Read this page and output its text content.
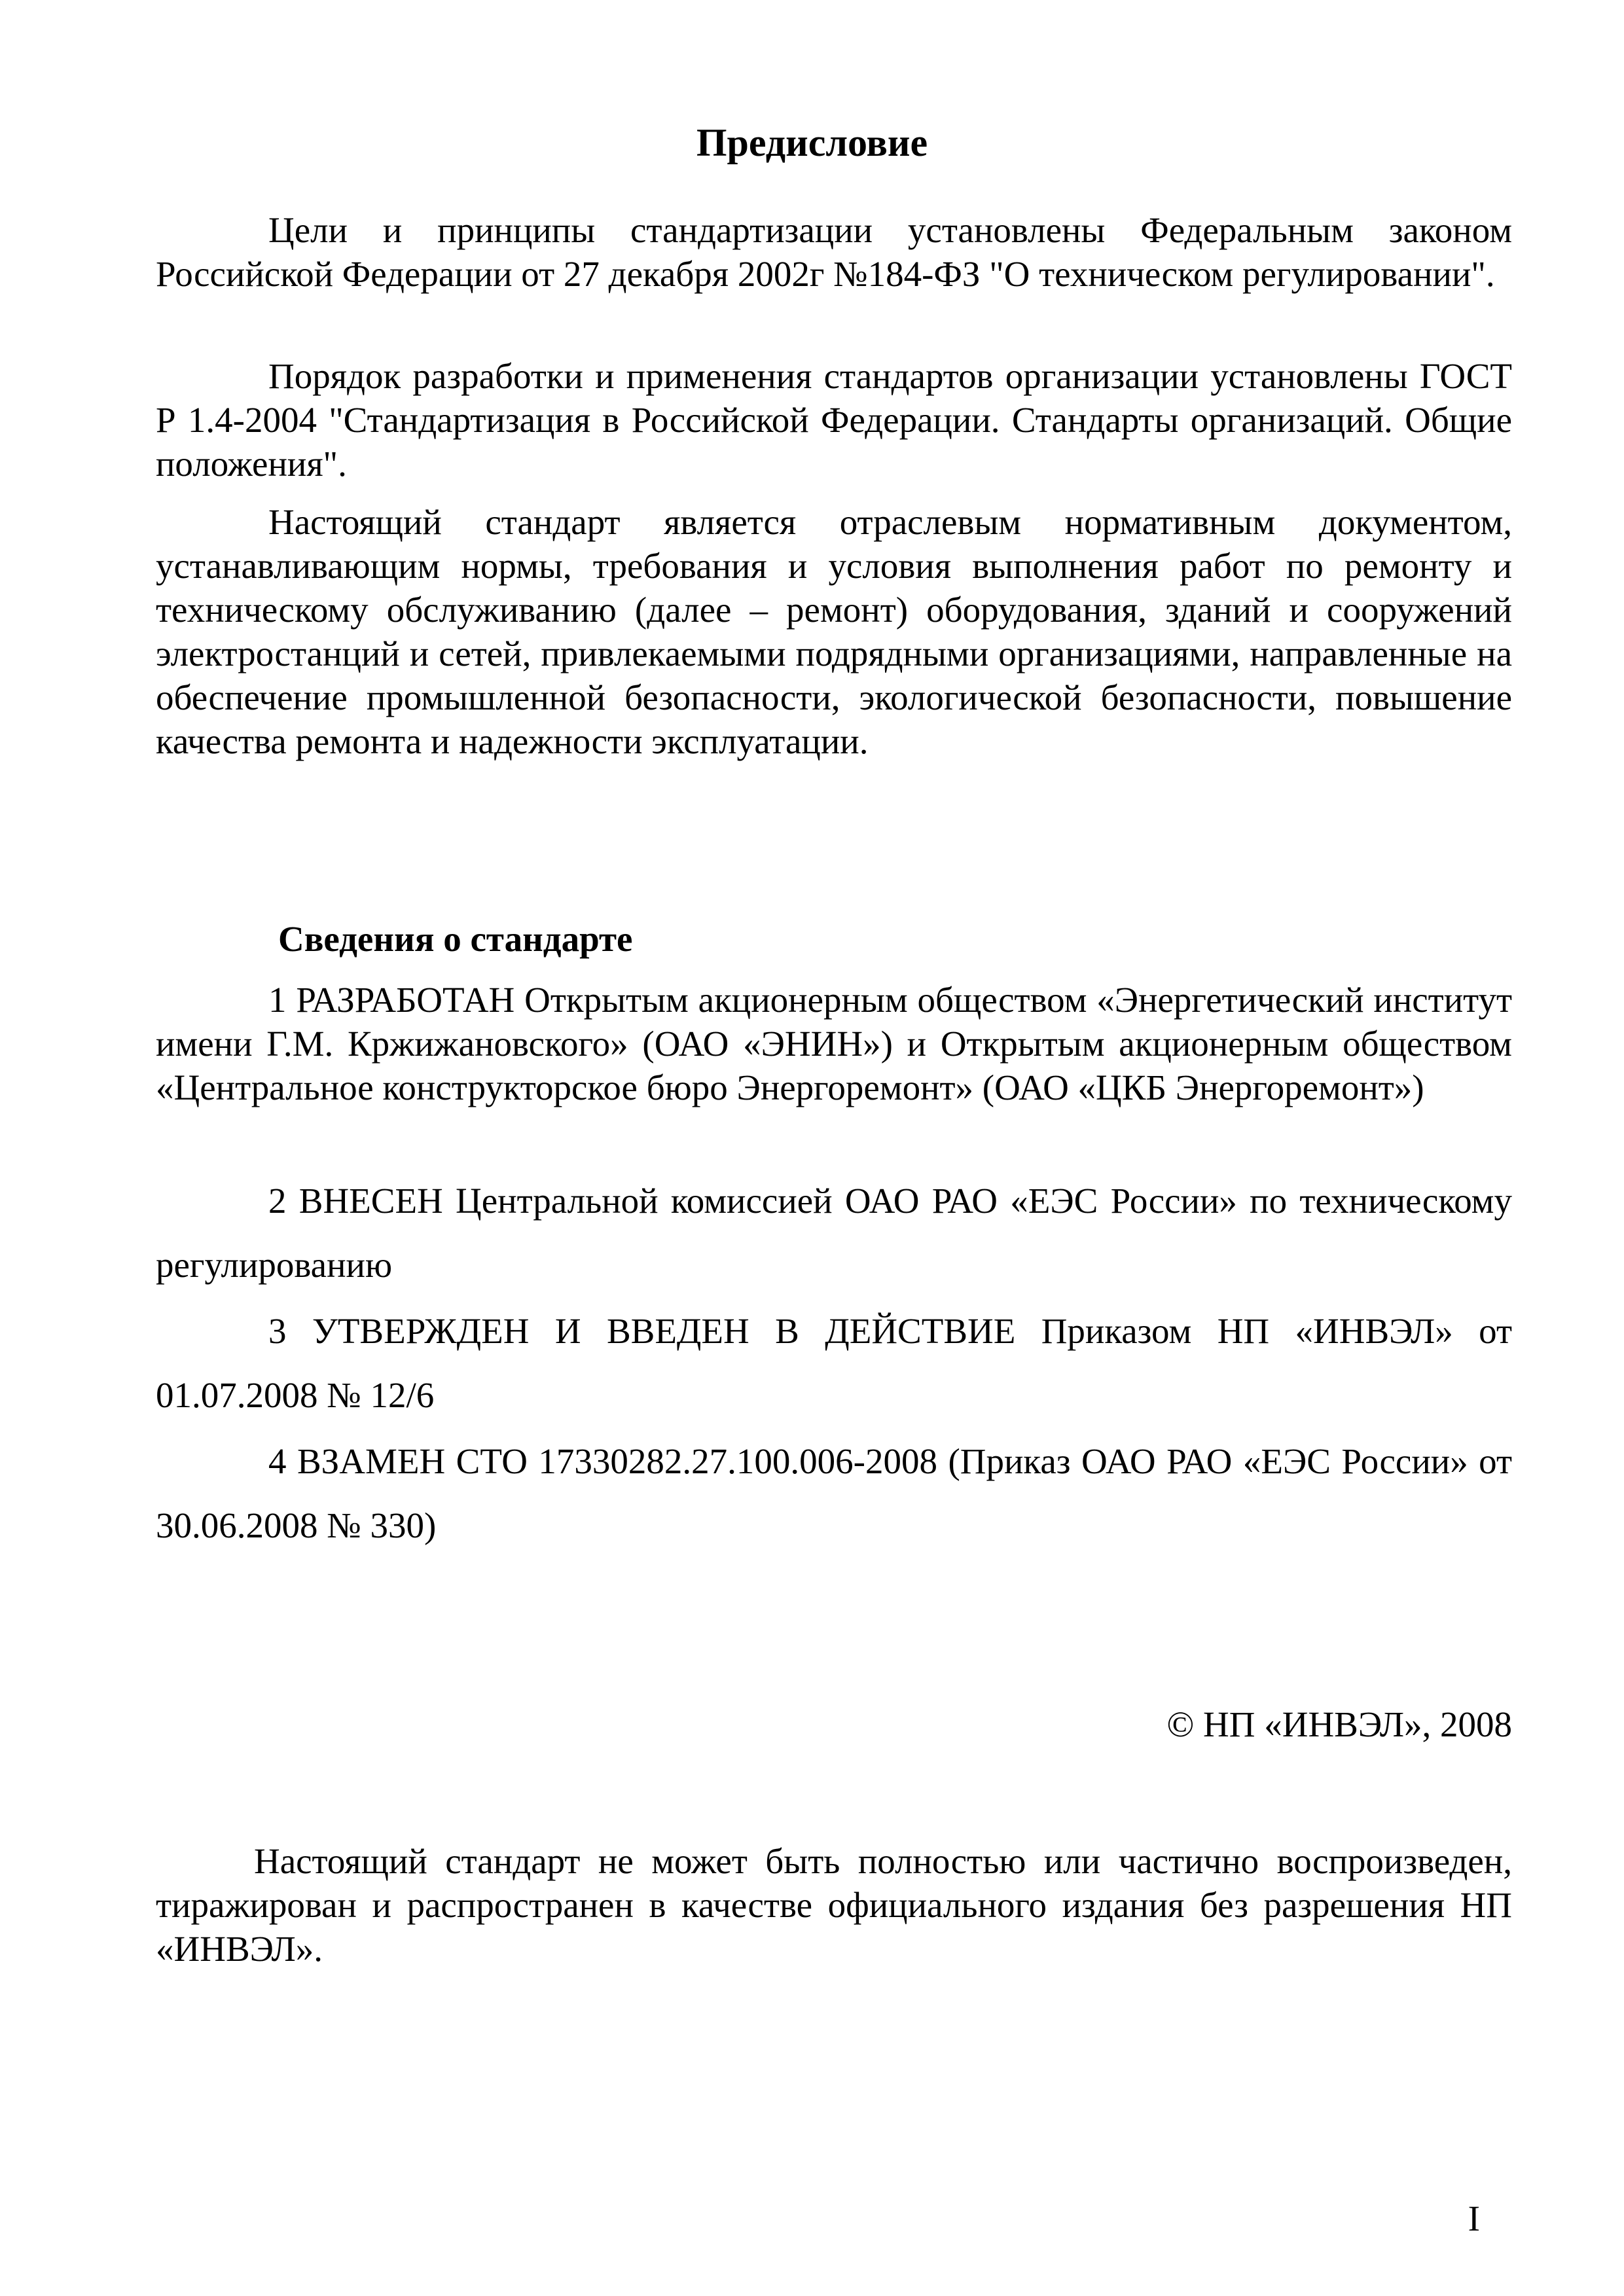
Предисловие

Цели и принципы стандартизации установлены Федеральным законом Российской Федерации от 27 декабря 2002г №184-ФЗ "О техническом регулировании".

Порядок разработки и применения стандартов организации установлены ГОСТ Р 1.4-2004 "Стандартизация в Российской Федерации. Стандарты организаций. Общие положения".

Настоящий стандарт является отраслевым нормативным документом, устанавливающим нормы, требования и условия выполнения работ по ремонту и техническому обслуживанию (далее – ремонт) оборудования, зданий и сооружений электростанций и сетей, привлекаемыми подрядными организациями, направленные на обеспечение промышленной безопасности, экологической безопасности, повышение качества ремонта и надежности эксплуатации.

Сведения о стандарте

1 РАЗРАБОТАН Открытым акционерным обществом «Энергетический институт имени Г.М. Кржижановского» (ОАО «ЭНИН») и Открытым акционерным обществом «Центральное конструкторское бюро Энергоремонт» (ОАО «ЦКБ Энергоремонт»)

2 ВНЕСЕН Центральной комиссией ОАО РАО «ЕЭС России» по техническому регулированию

3 УТВЕРЖДЕН И ВВЕДЕН В ДЕЙСТВИЕ Приказом НП «ИНВЭЛ» от 01.07.2008 № 12/6

4 ВЗАМЕН СТО 17330282.27.100.006-2008 (Приказ ОАО РАО «ЕЭС России» от 30.06.2008 № 330)

© НП «ИНВЭЛ», 2008

Настоящий стандарт не может быть полностью или частично воспроизведен, тиражирован и распространен в качестве официального издания без разрешения НП «ИНВЭЛ».

I
